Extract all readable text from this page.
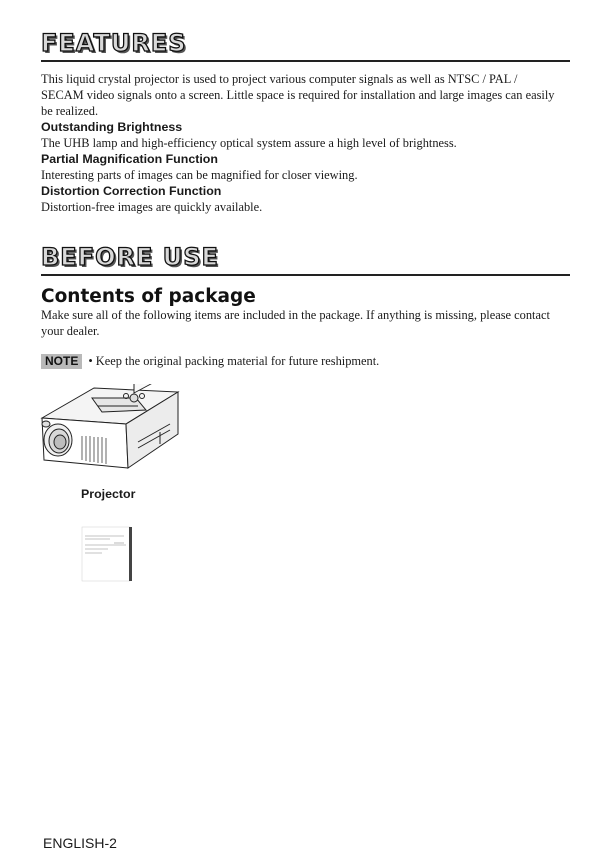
FEATURES
This liquid crystal projector is used to project various computer signals as well as NTSC / PAL / SECAM video signals onto a screen. Little space is required for installation and large images can easily be realized.
Outstanding Brightness
The UHB lamp and high-efficiency optical system assure a high level of brightness.
Partial Magnification Function
Interesting parts of images can be magnified for closer viewing.
Distortion Correction Function
Distortion-free images are quickly available.
BEFORE USE
Contents of package
Make sure all of the following items are included in the package. If anything is missing, please contact your dealer.
NOTE • Keep the original packing material for future reshipment.
Projector
ENGLISH-2
